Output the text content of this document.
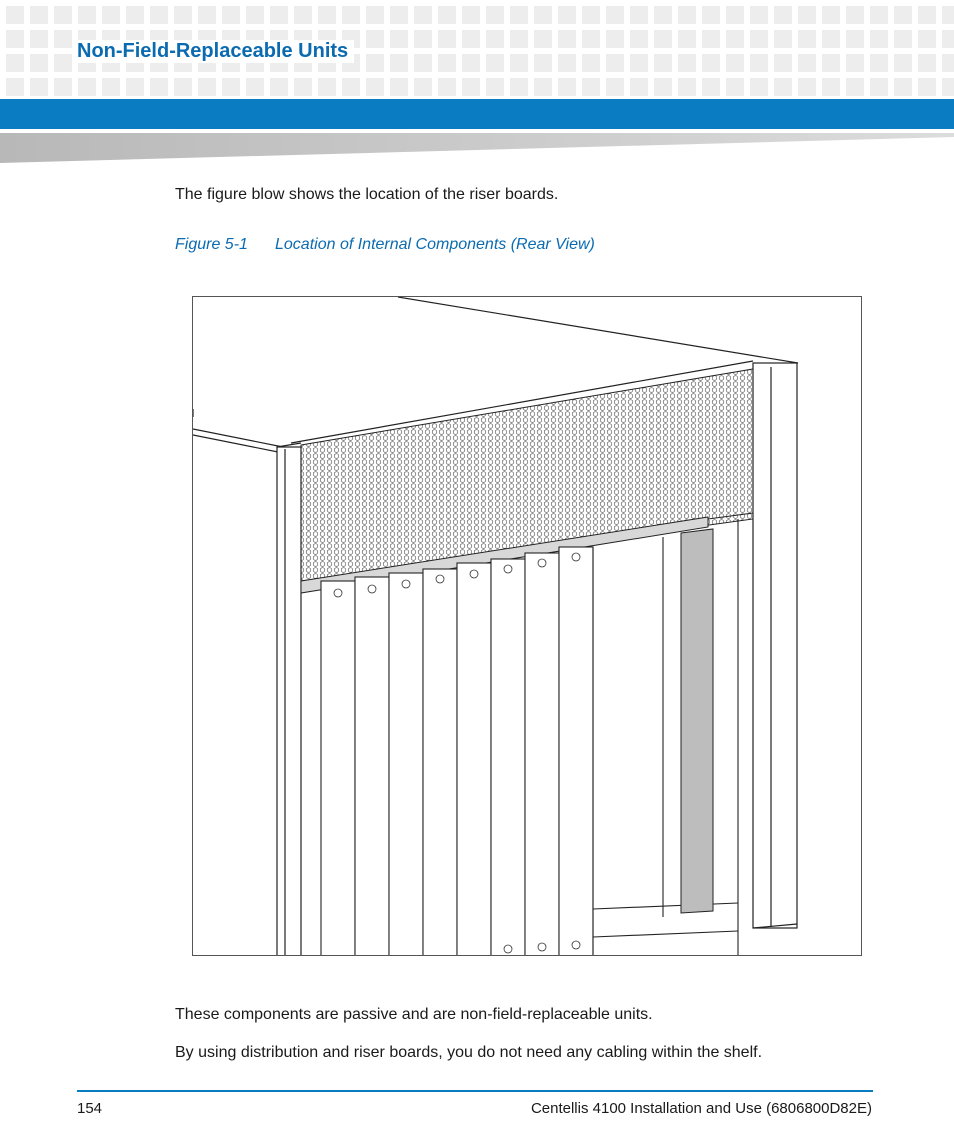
Non-Field-Replaceable Units
The figure blow shows the location of the riser boards.
Figure 5-1 Location of Internal Components (Rear View)
These components are passive and are non-field-replaceable units.
By using distribution and riser boards, you do not need any cabling within the shelf.
154	Centellis 4100 Installation and Use (6806800D82E)
